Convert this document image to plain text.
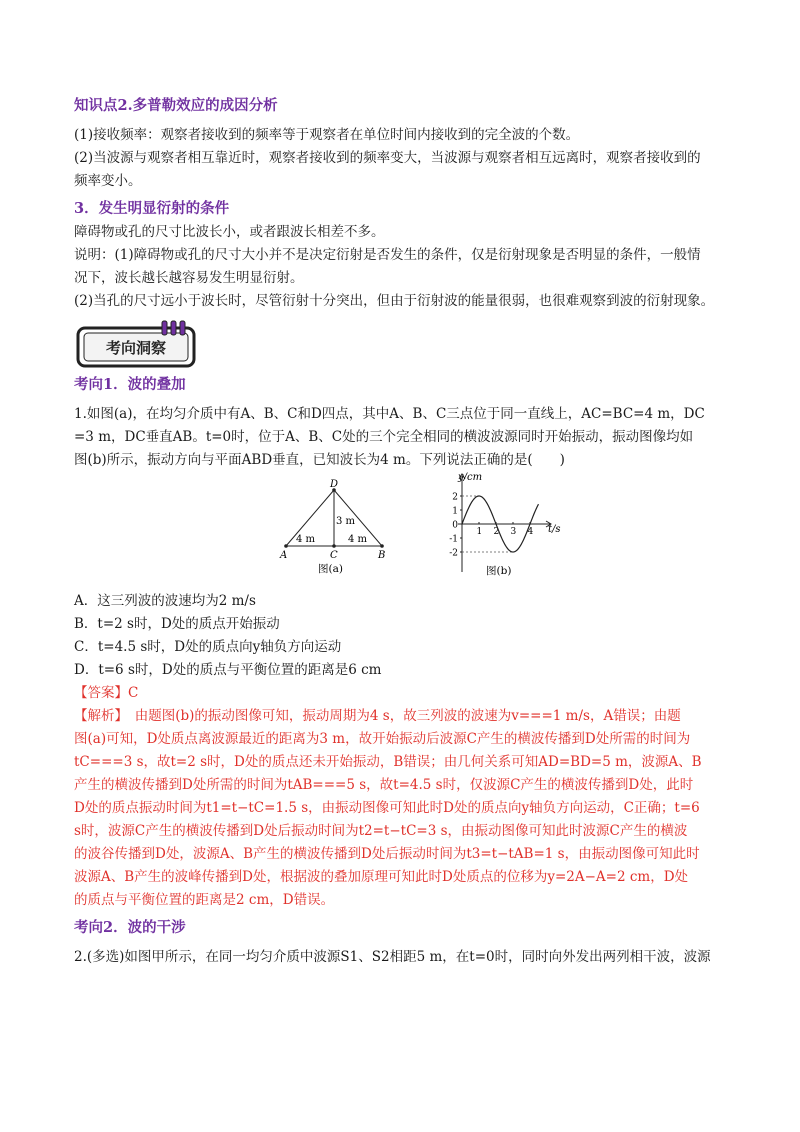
知识点2.多普勒效应的成因分析

(1)接收频率：观察者接收到的频率等于观察者在单位时间内接收到的完全波的个数。

(2)当波源与观察者相互靠近时，观察者接收到的频率变大，当波源与观察者相互远离时，观察者接收到的

频率变小。

3．发生明显衍射的条件

障碍物或孔的尺寸比波长小，或者跟波长相差不多。

说明：(1)障碍物或孔的尺寸大小并不是决定衍射是否发生的条件，仅是衍射现象是否明显的条件，一般情

况下，波长越长越容易发生明显衍射。

(2)当孔的尺寸远小于波长时，尽管衍射十分突出，但由于衍射波的能量很弱，也很难观察到波的衍射现象。

考向洞察
考向1．波的叠加

1.如图(a)，在均匀介质中有A、B、C和D四点，其中A、B、C三点位于同一直线上，AC=BC=4 m，DC

=3 m，DC垂直AB。t=0时，位于A、B、C处的三个完全相同的横波波源同时开始振动，振动图像均如

图(b)所示，振动方向与平面ABD垂直，已知波长为4 m。下列说法正确的是(　　)

D
A	C	B
4 m
3 m
4 m
图(a)
2
1
0
-1
-2
1 2 3 4
y/cm
t/s
图(b)

A．这三列波的波速均为2 m/s

B．t=2 s时，D处的质点开始振动

C．t=4.5 s时，D处的质点向y轴负方向运动

D．t=6 s时，D处的质点与平衡位置的距离是6 cm

【答案】C

【解析】　由题图(b)的振动图像可知，振动周期为4 s，故三列波的波速为v===1 m/s，A错误；由题

图(a)可知，D处质点离波源最近的距离为3 m，故开始振动后波源C产生的横波传播到D处所需的时间为

tC===3 s，故t=2 s时，D处的质点还未开始振动，B错误；由几何关系可知AD=BD=5 m，波源A、B

产生的横波传播到D处所需的时间为tAB===5 s，故t=4.5 s时，仅波源C产生的横波传播到D处，此时

D处的质点振动时间为t1=t−tC=1.5 s，由振动图像可知此时D处的质点向y轴负方向运动，C正确；t=6

s时，波源C产生的横波传播到D处后振动时间为t2=t−tC=3 s，由振动图像可知此时波源C产生的横波

的波谷传播到D处，波源A、B产生的横波传播到D处后振动时间为t3=t−tAB=1 s，由振动图像可知此时

波源A、B产生的波峰传播到D处，根据波的叠加原理可知此时D处质点的位移为y=2A−A=2 cm，D处

的质点与平衡位置的距离是2 cm，D错误。

考向2．波的干涉

2.(多选)如图甲所示，在同一均匀介质中波源S1、S2相距5 m，在t=0时，同时向外发出两列相干波，波源
